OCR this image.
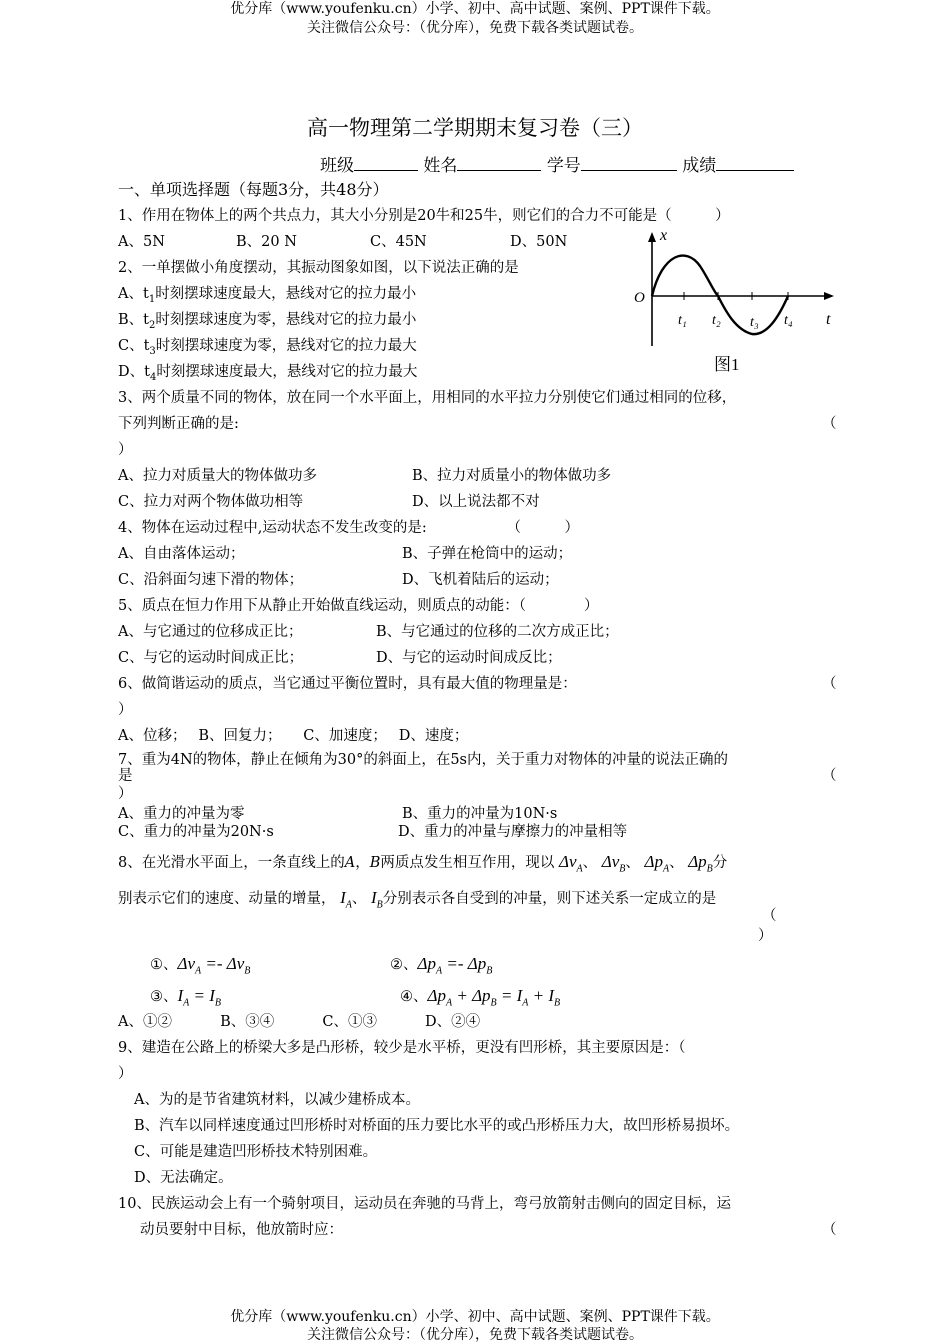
优分库（www.youfenku.cn）小学、初中、高中试题、案例、PPT课件下载。
关注微信公众号：（优分库），免费下载各类试题试卷。
高一物理第二学期期末复习卷（三）
班级	姓名	学号	成绩
一、单项选择题（每题3分，共48分）
1、作用在物体上的两个共点力，其大小分别是20牛和25牛，则它们的合力不可能是（　　　）
A、5N	B、20 N	C、45N	D、50N
2、一单摆做小角度摆动，其振动图象如图，以下说法正确的是
A、$t_1$时刻摆球速度最大，悬线对它的拉力最小
B、$t_2$时刻摆球速度为零，悬线对它的拉力最小
C、$t_3$时刻摆球速度为零，悬线对它的拉力最大
D、$t_4$时刻摆球速度最大，悬线对它的拉力最大
x
O
t
t₁ t₂ t₃ t₄
图1
3、两个质量不同的物体，放在同一个水平面上，用相同的水平拉力分别使它们通过相同的位移，
下列判断正确的是:	（
）
A、拉力对质量大的物体做功多	B、拉力对质量小的物体做功多
C、拉力对两个物体做功相等	D、以上说法都不对
4、物体在运动过程中,运动状态不发生改变的是:　　　　　　（　　　）
A、自由落体运动；	B、子弹在枪筒中的运动；
C、沿斜面匀速下滑的物体；	D、飞机着陆后的运动；
5、质点在恒力作用下从静止开始做直线运动，则质点的动能：（　　　　）
A、与它通过的位移成正比；	B、与它通过的位移的二次方成正比；
C、与它的运动时间成正比；	D、与它的运动时间成反比；
6、做简谐运动的质点，当它通过平衡位置时，具有最大值的物理量是：	（
）
A、位移；　 B、回复力；　　C、加速度；　 D、速度；
7、重为4N的物体，静止在倾角为30°的斜面上，在5s内，关于重力对物体的冲量的说法正确的
是	（
）
A、重力的冲量为零	B、重力的冲量为10N·s
C、重力的冲量为20N·s	D、重力的冲量与摩擦力的冲量相等
8、在光滑水平面上，一条直线上的A，B两质点发生相互作用，现以 $\Delta v_A$、 $\Delta v_B$、 $\Delta p_A$、 $\Delta p_B$分
别表示它们的速度、动量的增量， $I_A$、 $I_B$分别表示各自受到的冲量，则下述关系一定成立的是
（
）
①、$\Delta v_A =- \Delta v_B$	②、$\Delta p_A =- \Delta p_B$
③、$I_A = I_B$	④、$\Delta p_A + \Delta p_B = I_A + I_B$
A、①②　　　 B、③④　　　 C、①③　　　 D、②④
9、建造在公路上的桥梁大多是凸形桥，较少是水平桥，更没有凹形桥，其主要原因是：（
）
A、为的是节省建筑材料，以减少建桥成本。
B、汽车以同样速度通过凹形桥时对桥面的压力要比水平的或凸形桥压力大，故凹形桥易损坏。
C、可能是建造凹形桥技术特别困难。
D、无法确定。
10、民族运动会上有一个骑射项目，运动员在奔驰的马背上，弯弓放箭射击侧向的固定目标，运
动员要射中目标，他放箭时应：	（
优分库（www.youfenku.cn）小学、初中、高中试题、案例、PPT课件下载。
关注微信公众号：（优分库），免费下载各类试题试卷。
